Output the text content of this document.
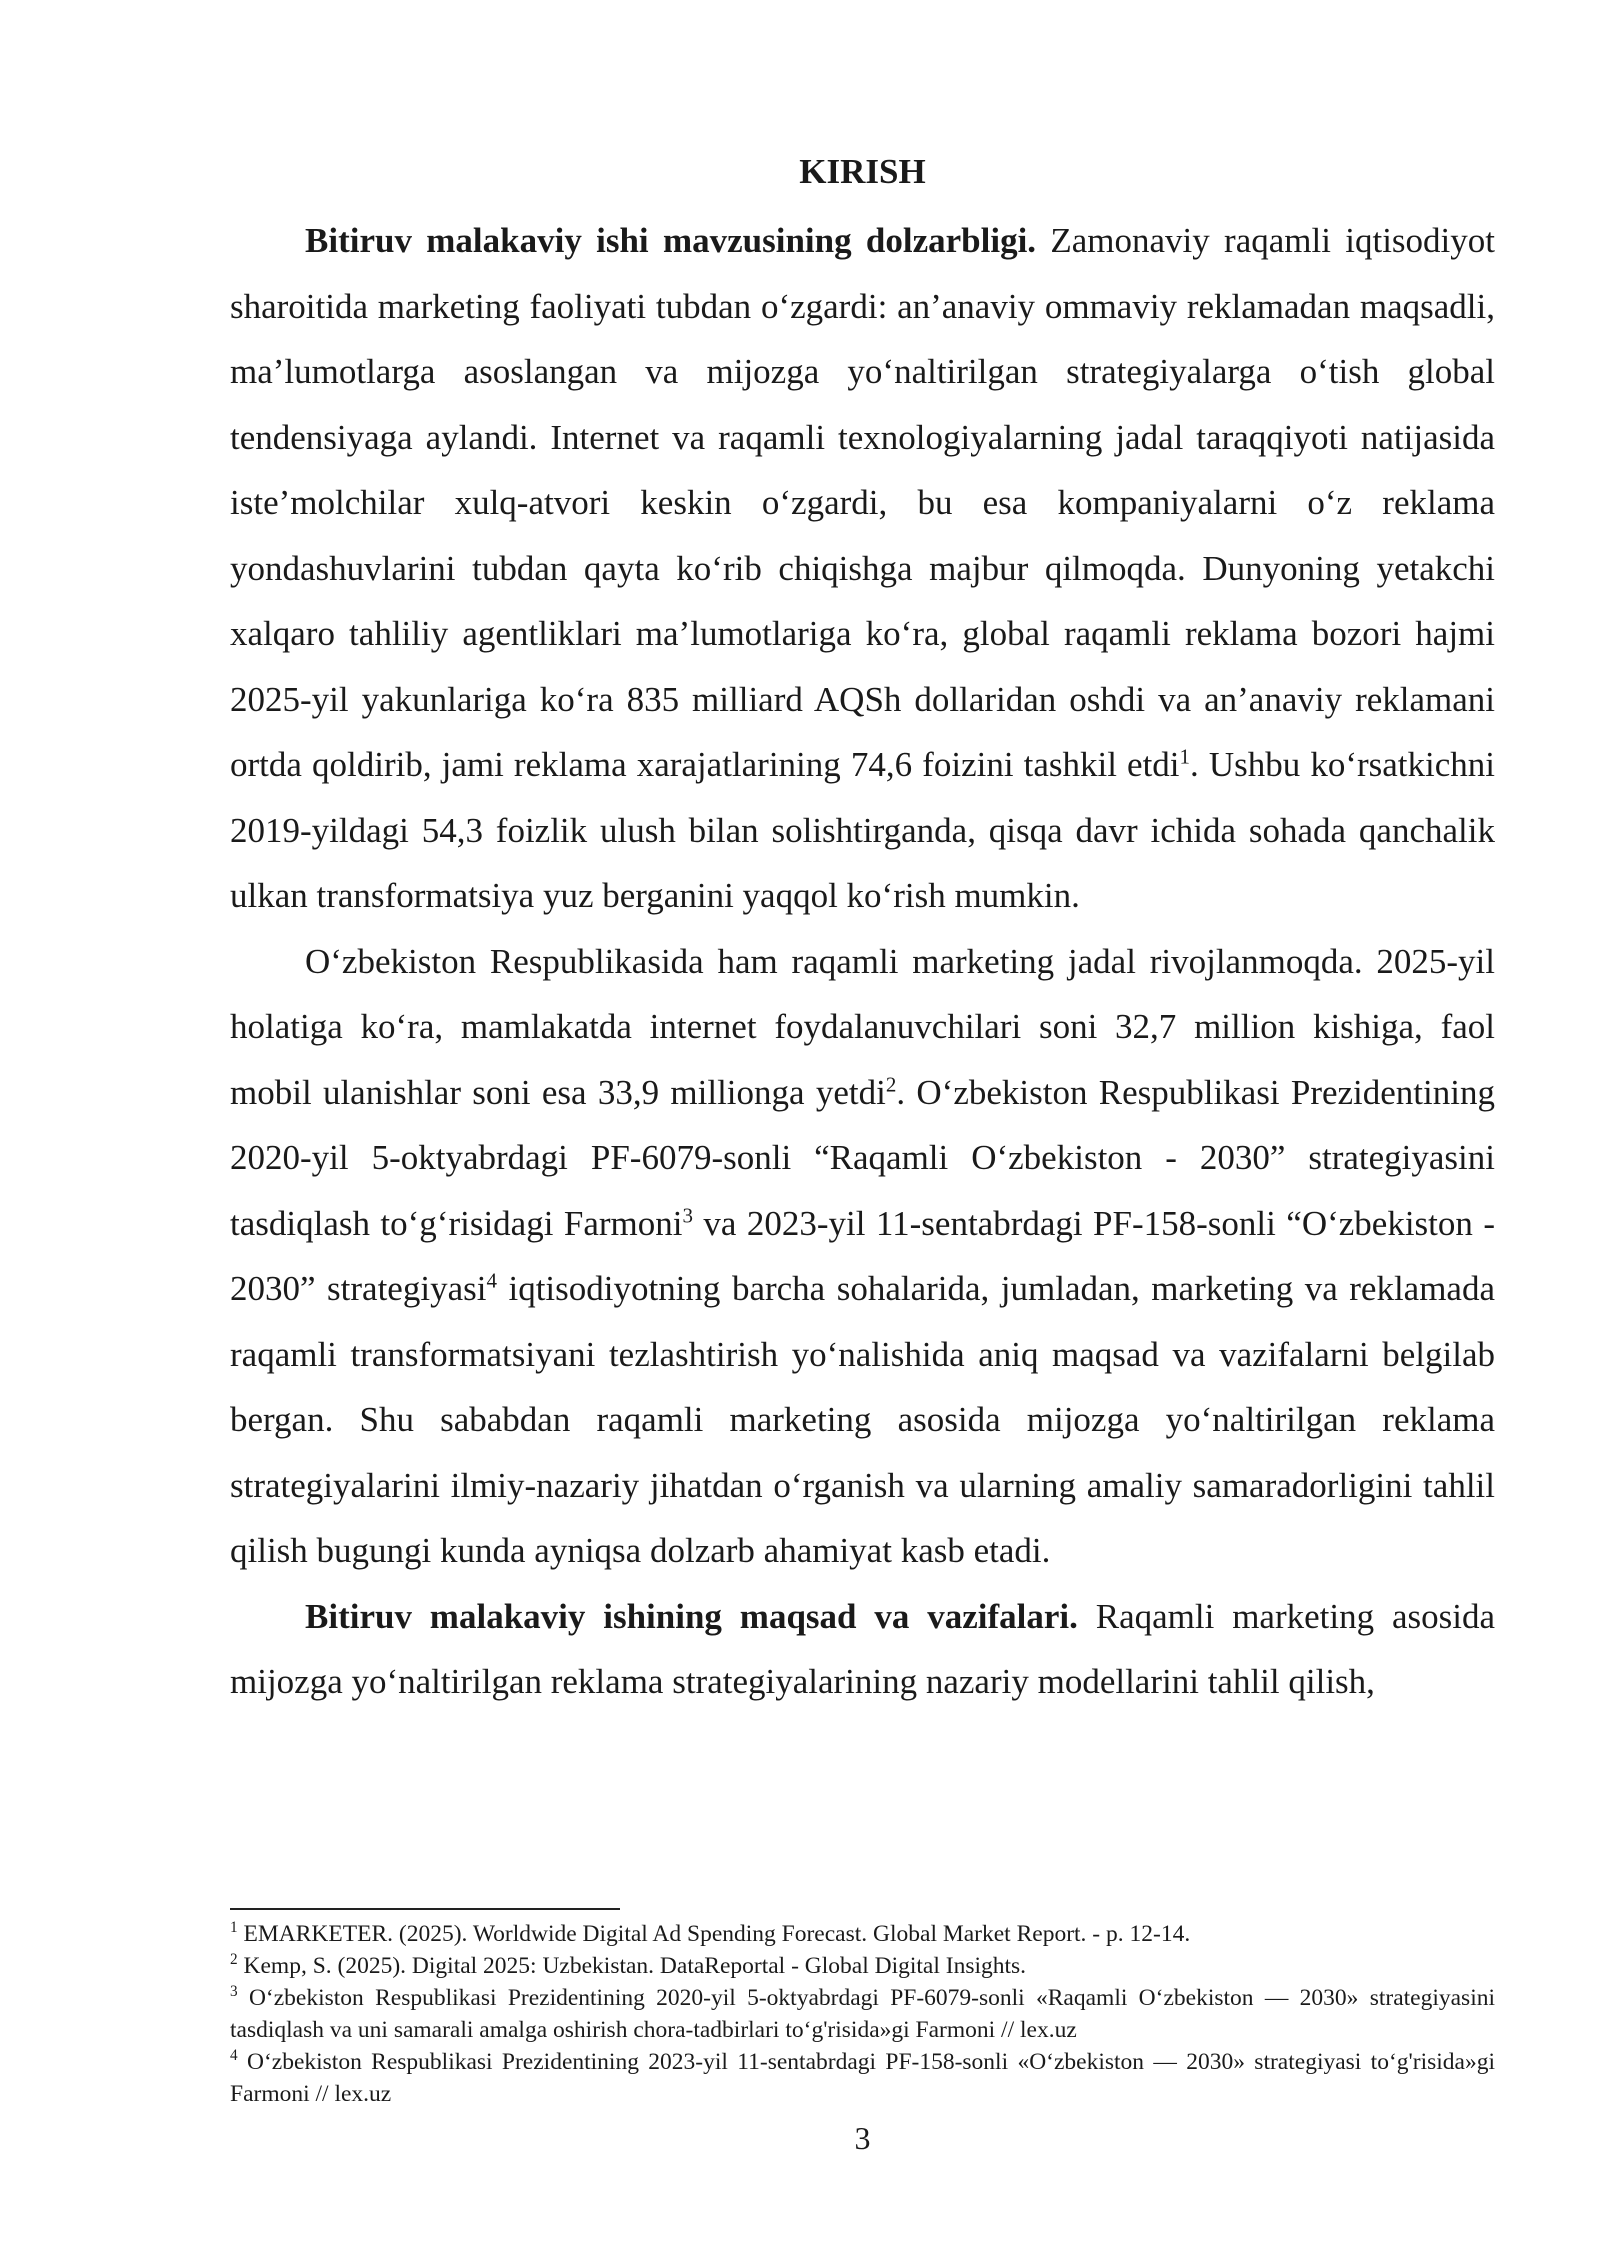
KIRISH

Bitiruv malakaviy ishi mavzusining dolzarbligi. Zamonaviy raqamli iqtisodiyot sharoitida marketing faoliyati tubdan o‘zgardi: an’anaviy ommaviy reklamadan maqsadli, ma’lumotlarga asoslangan va mijozga yo‘naltirilgan strategiyalarga o‘tish global tendensiyaga aylandi. Internet va raqamli texnologiyalarning jadal taraqqiyoti natijasida iste’molchilar xulq-atvori keskin o‘zgardi, bu esa kompaniyalarni o‘z reklama yondashuvlarini tubdan qayta ko‘rib chiqishga majbur qilmoqda. Dunyoning yetakchi xalqaro tahliliy agentliklari ma’lumotlariga ko‘ra, global raqamli reklama bozori hajmi 2025-yil yakunlariga ko‘ra 835 milliard AQSh dollaridan oshdi va an’anaviy reklamani ortda qoldirib, jami reklama xarajatlarining 74,6 foizini tashkil etdi$^1$. Ushbu ko‘rsatkichni 2019-yildagi 54,3 foizlik ulush bilan solishtirganda, qisqa davr ichida sohada qanchalik ulkan transformatsiya yuz berganini yaqqol ko‘rish mumkin.

O‘zbekiston Respublikasida ham raqamli marketing jadal rivojlanmoqda. 2025-yil holatiga ko‘ra, mamlakatda internet foydalanuvchilari soni 32,7 million kishiga, faol mobil ulanishlar soni esa 33,9 millionga yetdi$^2$. O‘zbekiston Respublikasi Prezidentining 2020-yil 5-oktyabrdagi PF-6079-sonli “Raqamli O‘zbekiston - 2030” strategiyasini tasdiqlash to‘g‘risidagi Farmoni$^3$ va 2023-yil 11-sentabrdagi PF-158-sonli “O‘zbekiston - 2030” strategiyasi$^4$ iqtisodiyotning barcha sohalarida, jumladan, marketing va reklamada raqamli transformatsiyani tezlashtirish yo‘nalishida aniq maqsad va vazifalarni belgilab bergan. Shu sababdan raqamli marketing asosida mijozga yo‘naltirilgan reklama strategiyalarini ilmiy-nazariy jihatdan o‘rganish va ularning amaliy samaradorligini tahlil qilish bugungi kunda ayniqsa dolzarb ahamiyat kasb etadi.

Bitiruv malakaviy ishining maqsad va vazifalari. Raqamli marketing asosida mijozga yo‘naltirilgan reklama strategiyalarining nazariy modellarini tahlil qilish,

$^1$ EMARKETER. (2025). Worldwide Digital Ad Spending Forecast. Global Market Report. - p. 12-14.

$^2$ Kemp, S. (2025). Digital 2025: Uzbekistan. DataReportal - Global Digital Insights.

$^3$ O‘zbekiston Respublikasi Prezidentining 2020-yil 5-oktyabrdagi PF-6079-sonli «Raqamli O‘zbekiston — 2030» strategiyasini tasdiqlash va uni samarali amalga oshirish chora-tadbirlari to‘g'risida»gi Farmoni // lex.uz

$^4$ O‘zbekiston Respublikasi Prezidentining 2023-yil 11-sentabrdagi PF-158-sonli «O‘zbekiston — 2030» strategiyasi to‘g'risida»gi Farmoni // lex.uz

3
